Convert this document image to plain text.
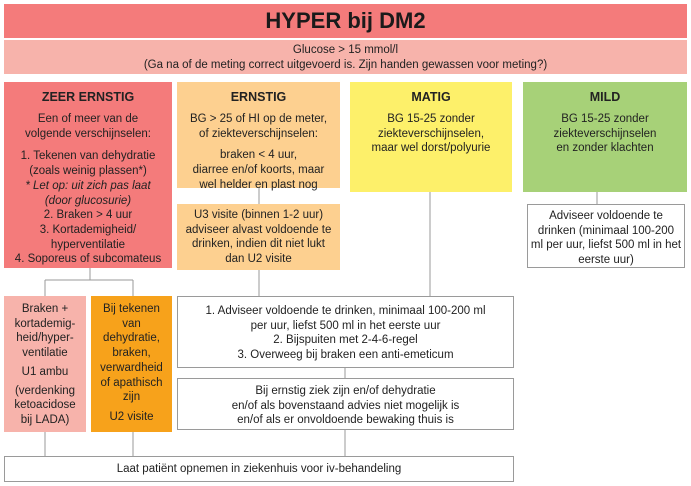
HYPER bij DM2
Glucose > 15 mmol/l
(Ga na of de meting correct uitgevoerd is. Zijn handen gewassen voor meting?)
ZEER ERNSTIG
Een of meer van de
volgende verschijnselen:
1. Tekenen van dehydratie
(zoals weinig plassen*)
* Let op: uit zich pas laat
(door glucosurie)
2. Braken > 4 uur
3. Kortademigheid/
hyperventilatie
4. Soporeus of subcomateus
ERNSTIG
BG > 25 of HI op de meter,
of ziekteverschijnselen:
braken < 4 uur,
diarree en/of koorts, maar
wel helder en plast nog
U3 visite (binnen 1-2 uur)
adviseer alvast voldoende te
drinken, indien dit niet lukt
dan U2 visite
MATIG
BG 15-25 zonder
ziekteverschijnselen,
maar wel dorst/polyurie
MILD
BG 15-25 zonder
ziekteverschijnselen
en zonder klachten
Adviseer voldoende te
drinken (minimaal 100-200
ml per uur, liefst 500 ml in het
eerste uur)
Braken +
kortademig-
heid/hyper-
ventilatie
U1 ambu
(verdenking
ketoacidose
bij LADA)
Bij tekenen
van
dehydratie,
braken,
verwardheid
of apathisch
zijn
U2 visite
1. Adviseer voldoende te drinken, minimaal 100-200 ml
per uur, liefst 500 ml in het eerste uur
2. Bijspuiten met 2-4-6-regel
3. Overweeg bij braken een anti-emeticum
Bij ernstig ziek zijn en/of dehydratie
en/of als bovenstaand advies niet mogelijk is
en/of als er onvoldoende bewaking thuis is
Laat patiënt opnemen in ziekenhuis voor iv-behandeling
